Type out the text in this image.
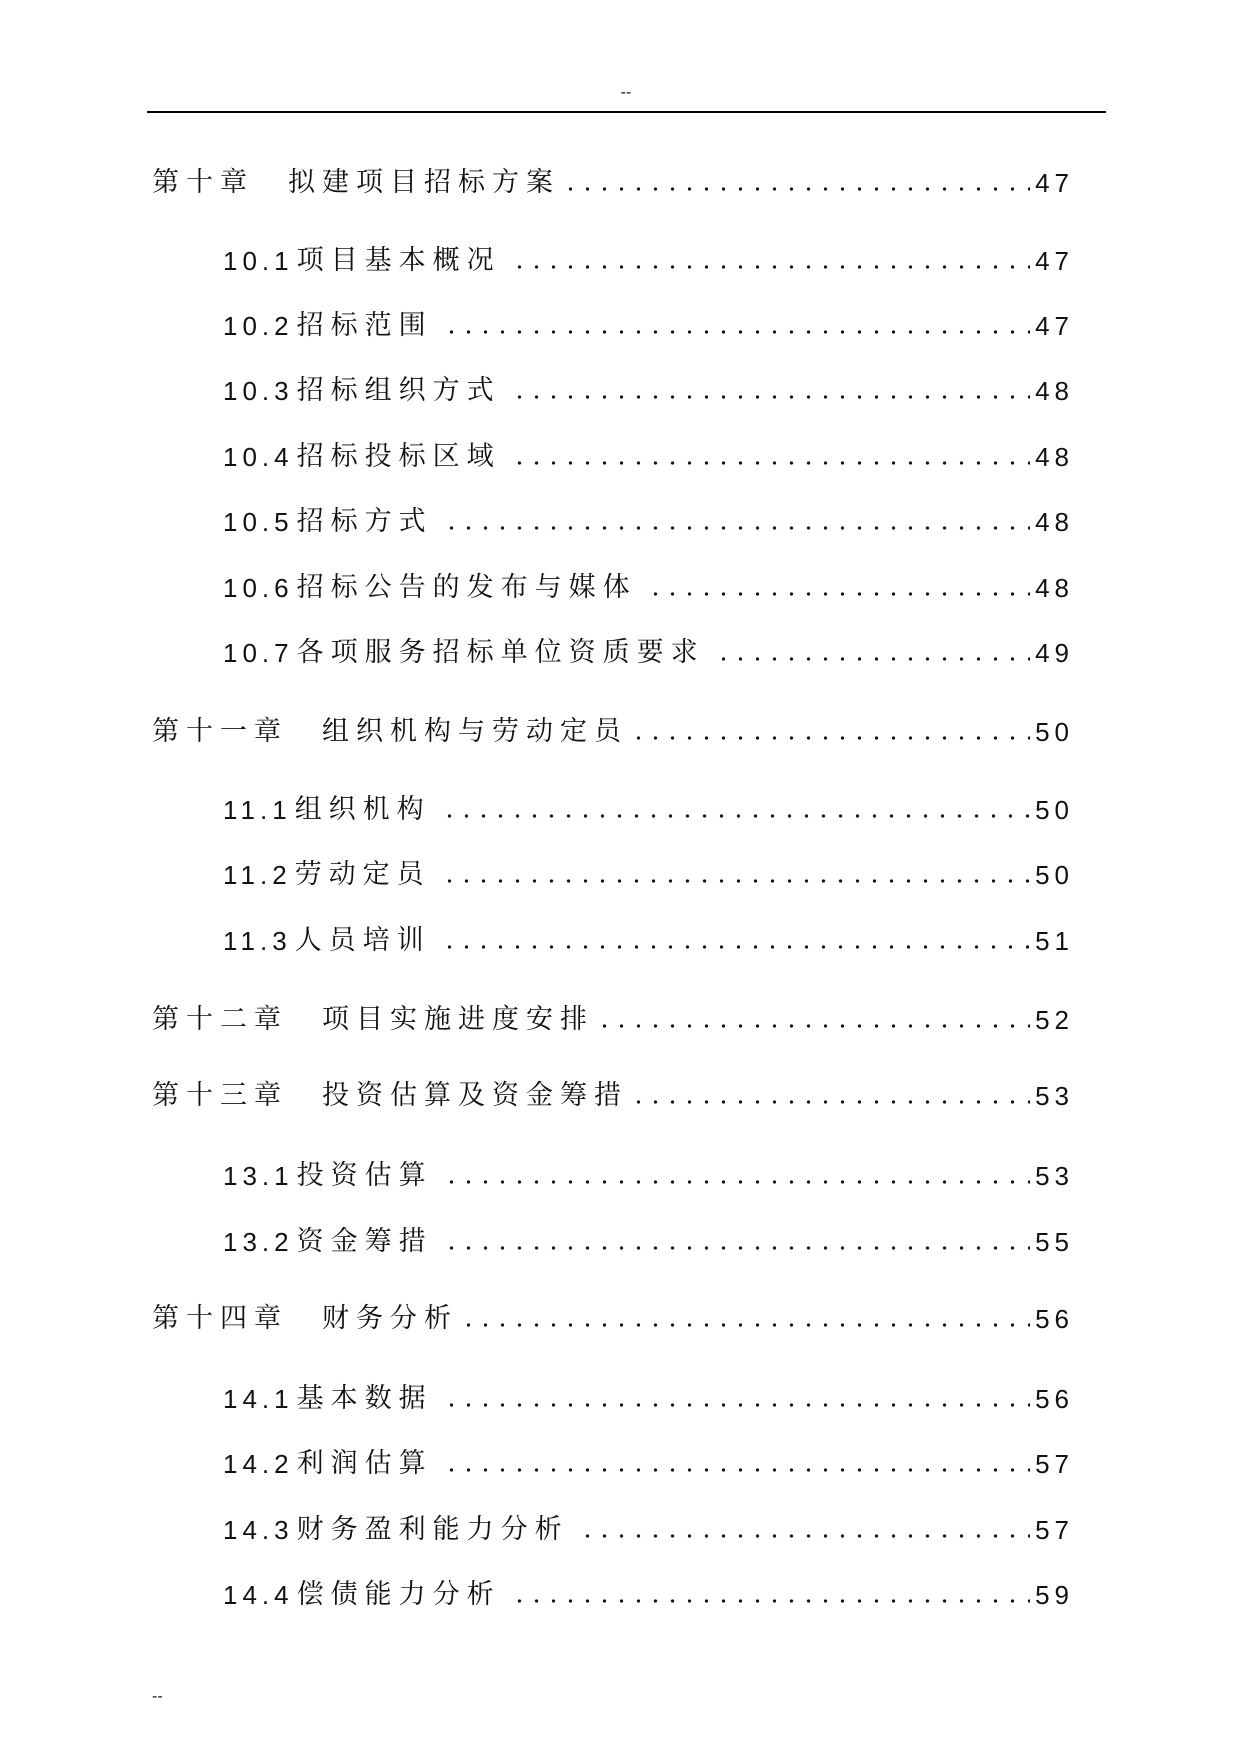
--
第十章 拟建项目招标方案	47
10.1 项目基本概况	47
10.2 招标范围	47
10.3 招标组织方式	48
10.4 招标投标区域	48
10.5 招标方式	48
10.6 招标公告的发布与媒体	48
10.7 各项服务招标单位资质要求	49
第十一章 组织机构与劳动定员	50
11.1 组织机构	50
11.2 劳动定员	50
11.3 人员培训	51
第十二章 项目实施进度安排	52
第十三章 投资估算及资金筹措	53
13.1 投资估算	53
13.2 资金筹措	55
第十四章 财务分析	56
14.1 基本数据	56
14.2 利润估算	57
14.3 财务盈利能力分析	57
14.4 偿债能力分析	59
--
